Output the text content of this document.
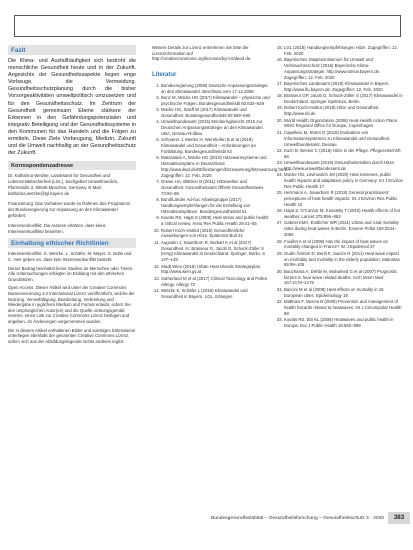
Fazit

Die Klima- und Ausfallhäufigkeit sich bedroht die menschliche Gesundheit heute und in der Zukunft. Angesichts der Gesundheitsaspekte liegen enge Vorbeuge, die Vermeidung. Gesundheitsschutzplanung durch die bisher Vorsorgeaktivitäten umweltpolitisch umzusetzen und für den Gesundheitsschutz. Im Zentrum der Gesundheit gemeinsam Ebene stärkere der Erkennen in den Gefährdungspotenzialen und integrativ Beteiligung und der Gesundheitssysteme in den Kommunen für das Handeln und die Folgen zu ermitteln. Diese Ziele Vorbeugung, Medizin, Zukunft und die Umwelt nachhaltig an der Gesundheitsschutz der Zukunft.

Korrespondenzadresse

Dr. Katharina Wetzke, Landesamt für Gesundheit und Lebensmittelsicherheit (LGL), Sachgebiet Umweltmedizin, Pfarrstraße 3, 80538 München, Germany. E-Mail: katharina.wetzke@lgl.bayern.de

Finanzierung: Das Vorhaben wurde im Rahmen des Programms der Bundesregierung zur Anpassung an den Klimawandel gefördert.

Interessenkonflikt: Die Autoren erklären, dass keine Interessenkonflikte bestehen.

Einhaltung ethischer Richtlinien

Interessenkonflikt. K. Wetzke, L. Schäfer, M. Mayer, G. Bolte und C. Herr geben an, dass kein Interessenkonflikt besteht.

Dieser Beitrag beinhaltet keine Studien an Menschen oder Tieren. Alle Untersuchungen erfolgten im Einklang mit den ethischen Grundsätzen.

Open Access. Dieser Artikel wird unter der Creative Commons Namensnennung 4.0 International Lizenz veröffentlicht, welche die Nutzung, Vervielfältigung, Bearbeitung, Verbreitung und Wiedergabe in jeglichem Medium und Format erlaubt, sofern Sie den ursprünglichen Autor(en) und die Quelle ordnungsgemäß nennen, einen Link zur Creative Commons Lizenz beifügen und angeben, ob Änderungen vorgenommen wurden.

Die in diesem Artikel enthaltenen Bilder und sonstiges Drittmaterial unterliegen ebenfalls der genannten Creative Commons Lizenz, sofern sich aus der Abbildungslegende nichts anderes ergibt.

Weitere Details zur Lizenz entnehmen Sie bitte der Lizenzinformation auf http://creativecommons.org/licenses/by/4.0/deed.de.

Literatur
1. Bundesregierung (2008) Deutsche Anpassungsstrategie an den Klimawandel. Beschluss vom 17.12.2008
2. Bunz M, Mücke HG (2017) Klimawandel – physische und psychische Folgen. Bundesgesundheitsbl 60:632–639
3. Mücke HG, Straff W (2017) Klimawandel und Gesundheit. Bundesgesundheitsbl 60:589–590
4. Umweltbundesamt (2015) Monitoringbericht 2015 zur Deutschen Anpassungsstrategie an den Klimawandel. UBA, Dessau-Roßlau
5. Schoierer J, Mertes H, Wershofen B et al (2019) Klimawandel und Gesundheit – Anforderungen an Fortbildung. Bundesgesundheitsbl 62
6. Matzarakis A, Mücke HG (2019) Hitzewarnsysteme und Hitzeaktionspläne in Deutschland. http://www.dwd.de/DE/leistungen/hitzewarnung/hitzewarnung.html. Zugegriffen: 12. Feb. 2020
7. Grewe HA, Blättner B (2011) Hitzewellen und Gesundheit. Gesundheitsamt Öffentl Gesundheitswes 73:92–96
8. Bund/Länder Ad-hoc Arbeitsgruppe (2017) Handlungsempfehlungen für die Erstellung von Hitzeaktionsplänen. Bundesgesundheitsbl 61
9. Kovats RS, Hajat S (2008) Heat stress and public health: a critical review. Annu Rev Public Health 29:41–55
10. Robert Koch-Institut (2019) Gesundheitliche Auswirkungen von Hitze. Epidemiol Bull 24
11. Augustin J, Sauerborn R, Burkart K et al (2017) Gesundheit. In: Brasseur G, Jacob D, Schuck-Zöller S (Hrsg) Klimawandel in Deutschland. Springer, Berlin, S 137–149
12. Stadt Wien (2018) Urban Heat Islands Strategieplan. http://www.wien.gv.at
13. Sutherland M et al (2017) Clinical Toxicology and Pollen Allergy. Allergy 72
14. Wetzke K, Schäfer L (2019) Klimawandel und Gesundheit in Bayern. LGL, Erlangen
15. LGL (2018) Handlungsempfehlungen Hitze. Zugegriffen: 12. Feb. 2020
16. Bayerisches Staatsministerium für Umwelt und Verbraucherschutz (2016) Bayerische Klima-Anpassungsstrategie. http://www.stmuv.bayern.de. Zugegriffen: 12. Feb. 2020
17. Bayerisches Landesamt (2019) Klimawandel in Bayern. http://www.lfu.bayern.de. Zugegriffen: 12. Feb. 2020
18. Brasseur GP, Jacob D, Schuck-Zöller S (2017) Klimawandel in Deutschland. Springer Spektrum, Berlin
19. Robert Koch-Institut (2018) Hitze und Gesundheit. http://www.rki.de
20. World Health Organization (2008) Heat-Health Action Plans. WHO Regional Office for Europe, Copenhagen
21. Capellaro M, Sturm D (2015) Evaluation von Informationssystemen zu Klimawandel und Gesundheit. Umweltbundesamt, Dessau
22. Kuch B, Becker C (2016) Hitze in der Pflege. Pflegezeitschrift 69
23. Umweltbundesamt (2019) Gesundheitsrisiken durch Hitze. http://www.umweltbundesamt.de
24. Mücke HG, Litvinovitch JM (2020) Heat extremes, public health impacts and adaptation policy in Germany. Int J Environ Res Public Health 17
25. Herrmann A, Sauerborn R (2018) General practitioners' perceptions of heat health impacts. Int J Environ Res Public Health 15
26. Hajat S, O'Connor M, Kosatsky T (2010) Health effects of hot weather. Lancet 375:856–863
27. Gabriel KMA, Endlicher WR (2011) Urban and rural mortality rates during heat waves in Berlin. Environ Pollut 159:2044–2050
28. Fouillet A et al (2008) Has the impact of heat waves on mortality changed in France? Int J Epidemiol 37
29. Oudin Åström D, Bertil F, Joacim R (2011) Heat wave impact on morbidity and mortality in the elderly population. Maturitas 69:99–105
30. Bouchama A, Dehbi M, Mohamed G et al (2007) Prognostic factors in heat wave related deaths. Arch Intern Med 167:2170–2176
31. Baccini M et al (2008) Heat effects on mortality in 15 European cities. Epidemiology 19
32. Matthies F, Menne B (2009) Prevention and management of health hazards related to heatwaves. Int J Circumpolar Health 68
33. Kovats RS, Ebi KL (2006) Heatwaves and public health in Europe. Eur J Public Health 16:592–599
Bundesgesundheitsblatt – Gesundheitsforschung – Gesundheitsschutz 3 · 2020	383
